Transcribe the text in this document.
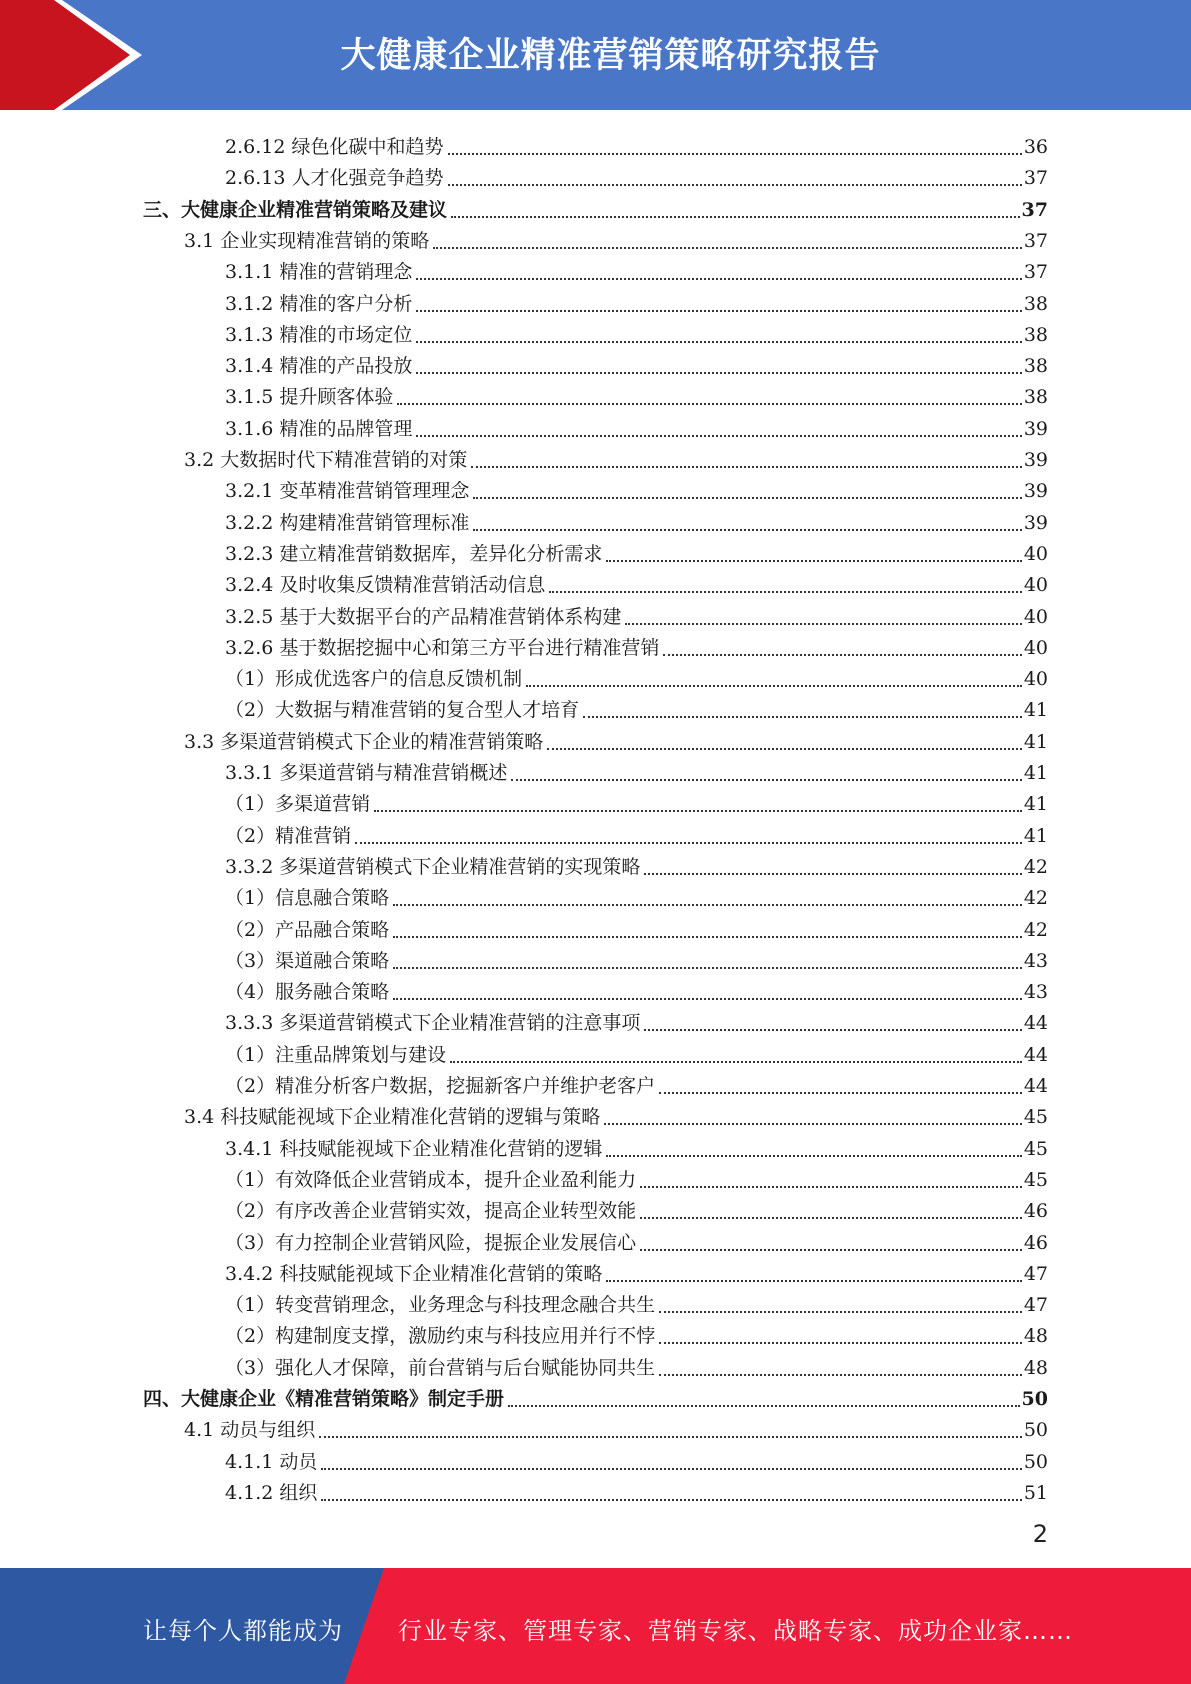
大健康企业精准营销策略研究报告
2.6.12 绿色化碳中和趋势	36
2.6.13 人才化强竞争趋势	37
三、大健康企业精准营销策略及建议	37
3.1 企业实现精准营销的策略	37
3.1.1 精准的营销理念	37
3.1.2 精准的客户分析	38
3.1.3 精准的市场定位	38
3.1.4 精准的产品投放	38
3.1.5 提升顾客体验	38
3.1.6 精准的品牌管理	39
3.2 大数据时代下精准营销的对策	39
3.2.1 变革精准营销管理理念	39
3.2.2 构建精准营销管理标准	39
3.2.3 建立精准营销数据库，差异化分析需求	40
3.2.4 及时收集反馈精准营销活动信息	40
3.2.5 基于大数据平台的产品精准营销体系构建	40
3.2.6 基于数据挖掘中心和第三方平台进行精准营销	40
（1）形成优选客户的信息反馈机制	40
（2）大数据与精准营销的复合型人才培育	41
3.3 多渠道营销模式下企业的精准营销策略	41
3.3.1 多渠道营销与精准营销概述	41
（1）多渠道营销	41
（2）精准营销	41
3.3.2 多渠道营销模式下企业精准营销的实现策略	42
（1）信息融合策略	42
（2）产品融合策略	42
（3）渠道融合策略	43
（4）服务融合策略	43
3.3.3 多渠道营销模式下企业精准营销的注意事项	44
（1）注重品牌策划与建设	44
（2）精准分析客户数据，挖掘新客户并维护老客户	44
3.4 科技赋能视域下企业精准化营销的逻辑与策略	45
3.4.1 科技赋能视域下企业精准化营销的逻辑	45
（1）有效降低企业营销成本，提升企业盈利能力	45
（2）有序改善企业营销实效，提高企业转型效能	46
（3）有力控制企业营销风险，提振企业发展信心	46
3.4.2 科技赋能视域下企业精准化营销的策略	47
（1）转变营销理念，业务理念与科技理念融合共生	47
（2）构建制度支撑，激励约束与科技应用并行不悖	48
（3）强化人才保障，前台营销与后台赋能协同共生	48
四、大健康企业《精准营销策略》制定手册	50
4.1 动员与组织	50
4.1.1 动员	50
4.1.2 组织	51
2
让每个人都能成为 行业专家、管理专家、营销专家、战略专家、成功企业家……
